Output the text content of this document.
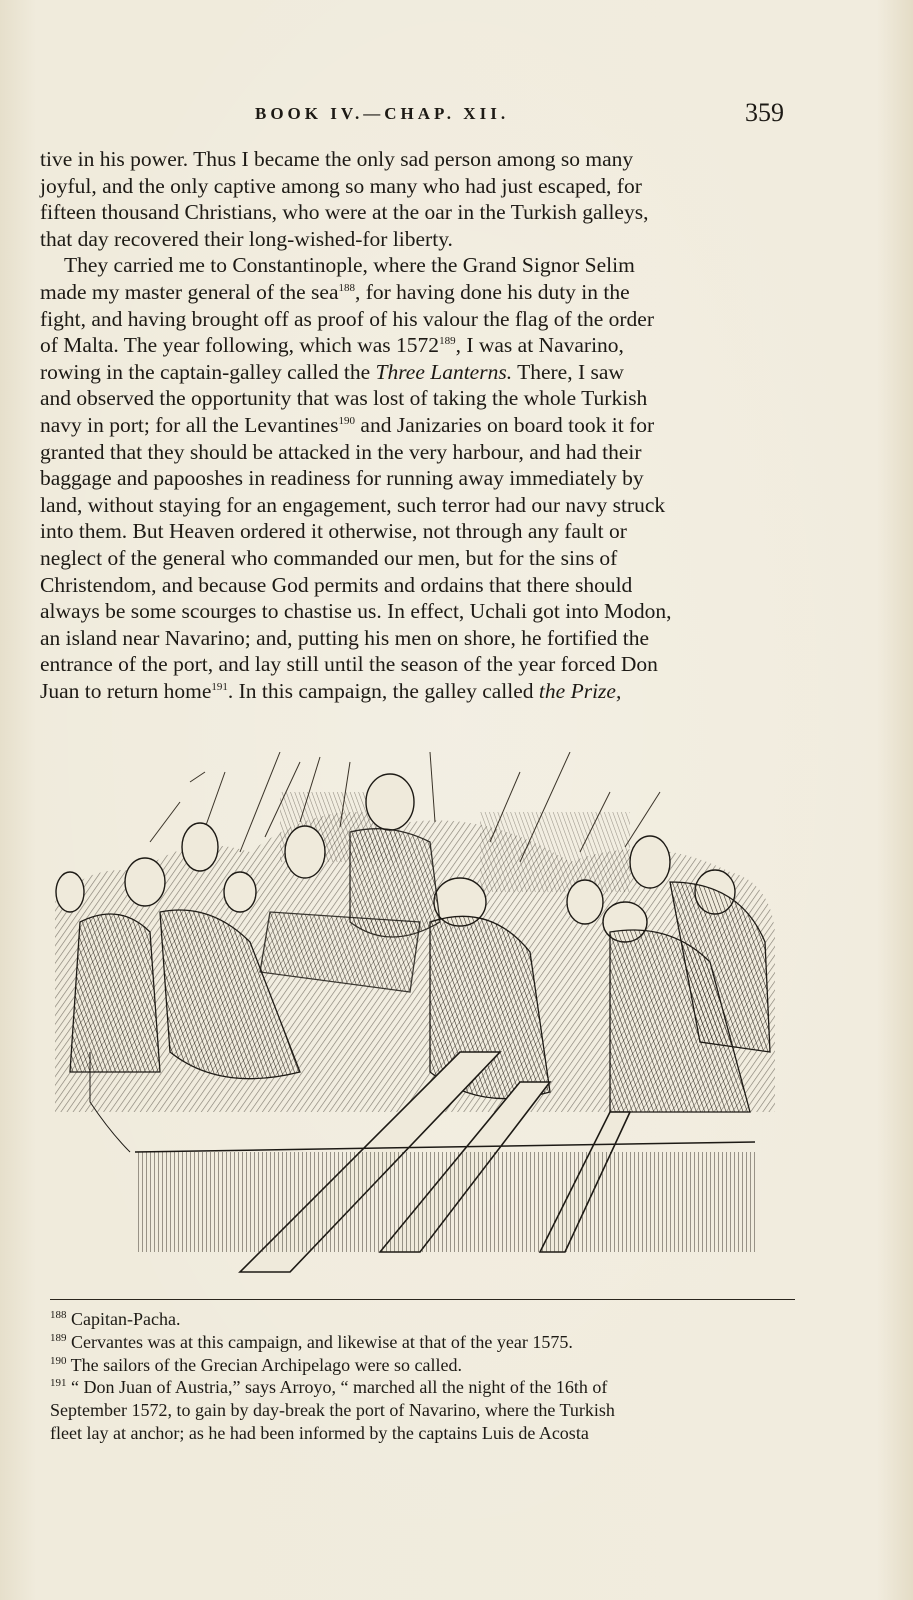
BOOK IV.—CHAP. XII.	359
tive in his power. Thus I became the only sad person among so many
joyful, and the only captive among so many who had just escaped, for
fifteen thousand Christians, who were at the oar in the Turkish galleys,
that day recovered their long-wished-for liberty.
They carried me to Constantinople, where the Grand Signor Selim
made my master general of the sea$^{188}$, for having done his duty in the
fight, and having brought off as proof of his valour the flag of the order
of Malta. The year following, which was 1572$^{189}$, I was at Navarino,
rowing in the captain-galley called the Three Lanterns. There, I saw
and observed the opportunity that was lost of taking the whole Turkish
navy in port; for all the Levantines$^{190}$ and Janizaries on board took it for
granted that they should be attacked in the very harbour, and had their
baggage and papooshes in readiness for running away immediately by
land, without staying for an engagement, such terror had our navy struck
into them. But Heaven ordered it otherwise, not through any fault or
neglect of the general who commanded our men, but for the sins of
Christendom, and because God permits and ordains that there should
always be some scourges to chastise us. In effect, Uchali got into Modon,
an island near Navarino; and, putting his men on shore, he fortified the
entrance of the port, and lay still until the season of the year forced Don
Juan to return home$^{191}$. In this campaign, the galley called the Prize,
$^{188}$ Capitan-Pacha.
$^{189}$ Cervantes was at this campaign, and likewise at that of the year 1575.
$^{190}$ The sailors of the Grecian Archipelago were so called.
$^{191}$ “ Don Juan of Austria,” says Arroyo, “ marched all the night of the 16th of
September 1572, to gain by day-break the port of Navarino, where the Turkish
fleet lay at anchor; as he had been informed by the captains Luis de Acosta
